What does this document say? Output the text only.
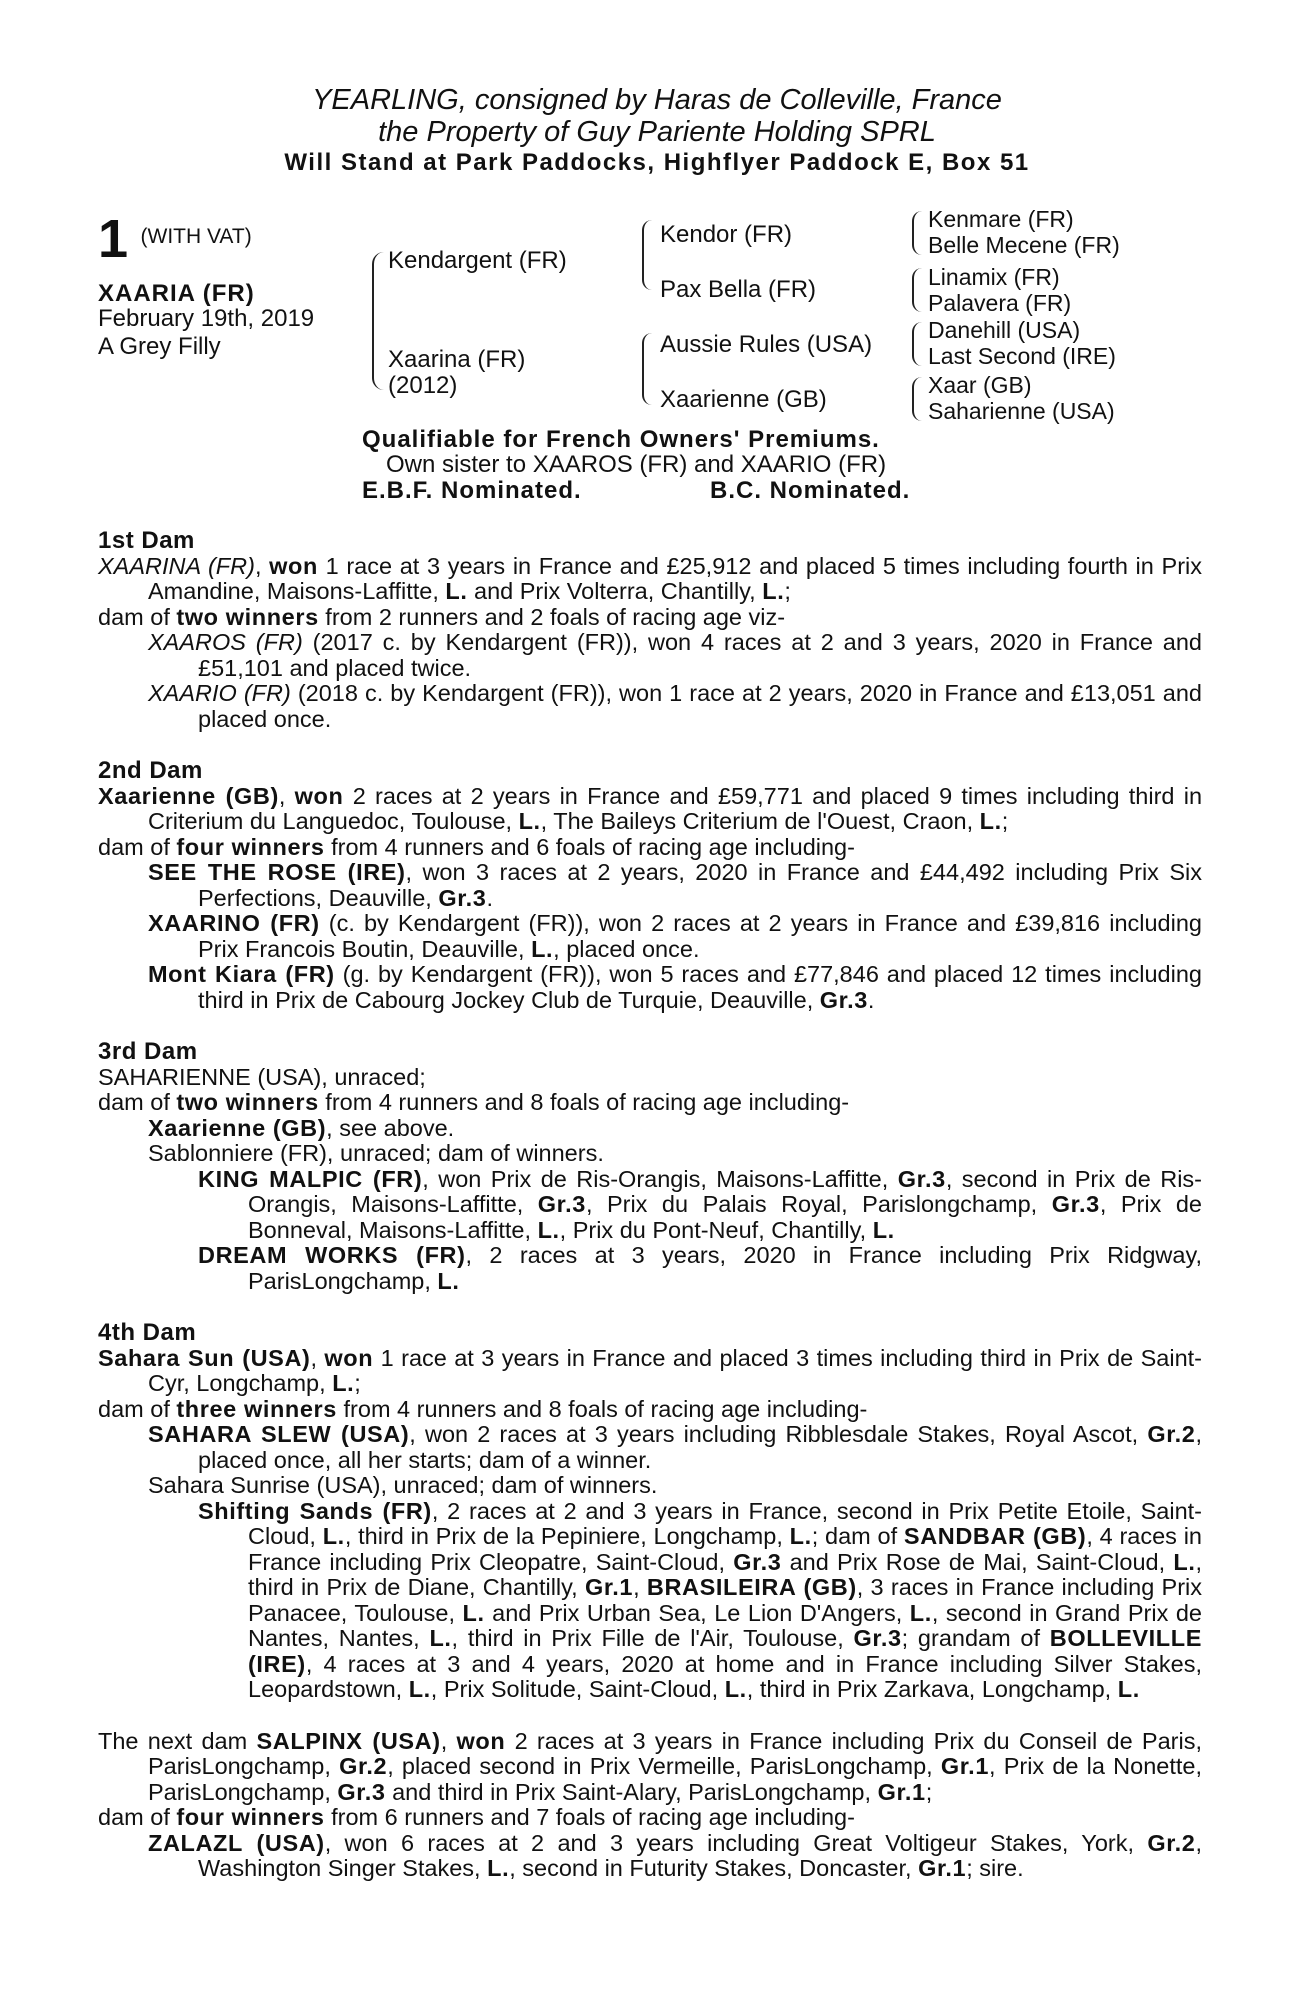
YEARLING, consigned by Haras de Colleville, France
the Property of Guy Pariente Holding SPRL
Will Stand at Park Paddocks, Highflyer Paddock E, Box 51
1 (WITH VAT)
XAARIA (FR)
February 19th, 2019
A Grey Filly
Kendargent (FR)
Xaarina (FR)
(2012)
Kendor (FR)
Pax Bella (FR)
Aussie Rules (USA)
Xaarienne (GB)
Kenmare (FR)
Belle Mecene (FR)
Linamix (FR)
Palavera (FR)
Danehill (USA)
Last Second (IRE)
Xaar (GB)
Saharienne (USA)
Qualifiable for French Owners' Premiums.
Own sister to XAAROS (FR) and XAARIO (FR)
E.B.F. Nominated.	B.C. Nominated.
1st Dam

XAARINA (FR), won 1 race at 3 years in France and £25,912 and placed 5 times including fourth in Prix Amandine, Maisons-Laffitte, L. and Prix Volterra, Chantilly, L.;

dam of two winners from 2 runners and 2 foals of racing age viz-

XAAROS (FR) (2017 c. by Kendargent (FR)), won 4 races at 2 and 3 years, 2020 in France and £51,101 and placed twice.

XAARIO (FR) (2018 c. by Kendargent (FR)), won 1 race at 2 years, 2020 in France and £13,051 and placed once.

2nd Dam

Xaarienne (GB), won 2 races at 2 years in France and £59,771 and placed 9 times including third in Criterium du Languedoc, Toulouse, L., The Baileys Criterium de l'Ouest, Craon, L.;

dam of four winners from 4 runners and 6 foals of racing age including-

SEE THE ROSE (IRE), won 3 races at 2 years, 2020 in France and £44,492 including Prix Six Perfections, Deauville, Gr.3.

XAARINO (FR) (c. by Kendargent (FR)), won 2 races at 2 years in France and £39,816 including Prix Francois Boutin, Deauville, L., placed once.

Mont Kiara (FR) (g. by Kendargent (FR)), won 5 races and £77,846 and placed 12 times including third in Prix de Cabourg Jockey Club de Turquie, Deauville, Gr.3.

3rd Dam

SAHARIENNE (USA), unraced;

dam of two winners from 4 runners and 8 foals of racing age including-

Xaarienne (GB), see above.

Sablonniere (FR), unraced; dam of winners.

KING MALPIC (FR), won Prix de Ris-Orangis, Maisons-Laffitte, Gr.3, second in Prix de Ris-Orangis, Maisons-Laffitte, Gr.3, Prix du Palais Royal, Parislongchamp, Gr.3, Prix de Bonneval, Maisons-Laffitte, L., Prix du Pont-Neuf, Chantilly, L.

DREAM WORKS (FR), 2 races at 3 years, 2020 in France including Prix Ridgway, ParisLongchamp, L.

4th Dam

Sahara Sun (USA), won 1 race at 3 years in France and placed 3 times including third in Prix de Saint-Cyr, Longchamp, L.;

dam of three winners from 4 runners and 8 foals of racing age including-

SAHARA SLEW (USA), won 2 races at 3 years including Ribblesdale Stakes, Royal Ascot, Gr.2, placed once, all her starts; dam of a winner.

Sahara Sunrise (USA), unraced; dam of winners.

Shifting Sands (FR), 2 races at 2 and 3 years in France, second in Prix Petite Etoile, Saint-Cloud, L., third in Prix de la Pepiniere, Longchamp, L.; dam of SANDBAR (GB), 4 races in France including Prix Cleopatre, Saint-Cloud, Gr.3 and Prix Rose de Mai, Saint-Cloud, L., third in Prix de Diane, Chantilly, Gr.1, BRASILEIRA (GB), 3 races in France including Prix Panacee, Toulouse, L. and Prix Urban Sea, Le Lion D'Angers, L., second in Grand Prix de Nantes, Nantes, L., third in Prix Fille de l'Air, Toulouse, Gr.3; grandam of BOLLEVILLE (IRE), 4 races at 3 and 4 years, 2020 at home and in France including Silver Stakes, Leopardstown, L., Prix Solitude, Saint-Cloud, L., third in Prix Zarkava, Longchamp, L.

The next dam SALPINX (USA), won 2 races at 3 years in France including Prix du Conseil de Paris, ParisLongchamp, Gr.2, placed second in Prix Vermeille, ParisLongchamp, Gr.1, Prix de la Nonette, ParisLongchamp, Gr.3 and third in Prix Saint-Alary, ParisLongchamp, Gr.1;

dam of four winners from 6 runners and 7 foals of racing age including-

ZALAZL (USA), won 6 races at 2 and 3 years including Great Voltigeur Stakes, York, Gr.2, Washington Singer Stakes, L., second in Futurity Stakes, Doncaster, Gr.1; sire.
